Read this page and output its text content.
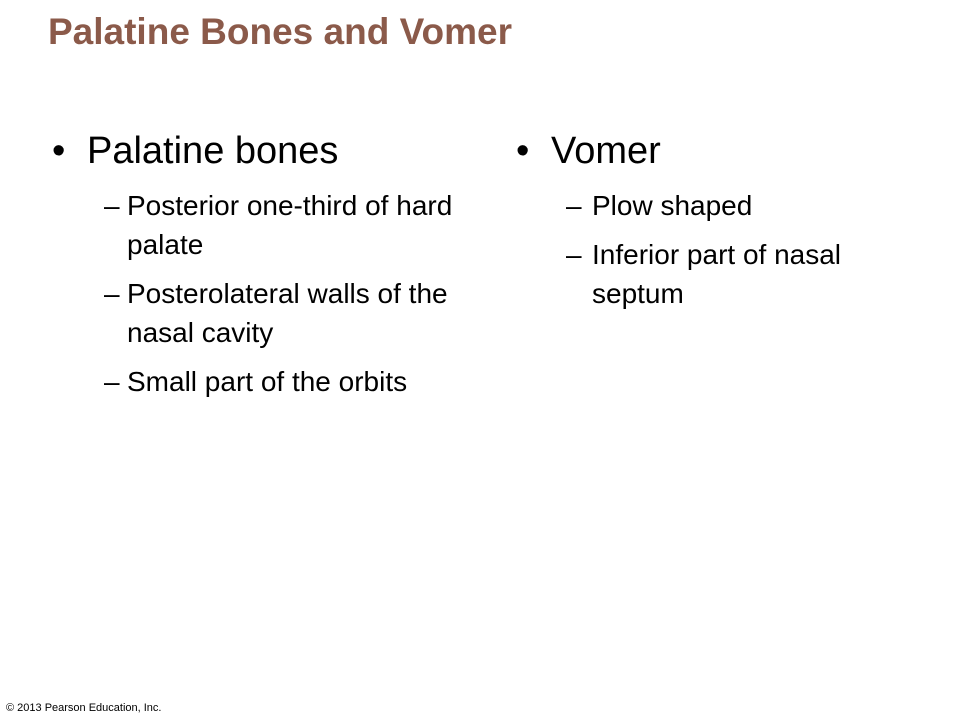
Palatine Bones and Vomer
• Palatine bones
– Posterior one-third of hard palate
– Posterolateral walls of the nasal cavity
– Small part of the orbits
• Vomer
– Plow shaped
– Inferior part of nasal septum
© 2013 Pearson Education, Inc.
